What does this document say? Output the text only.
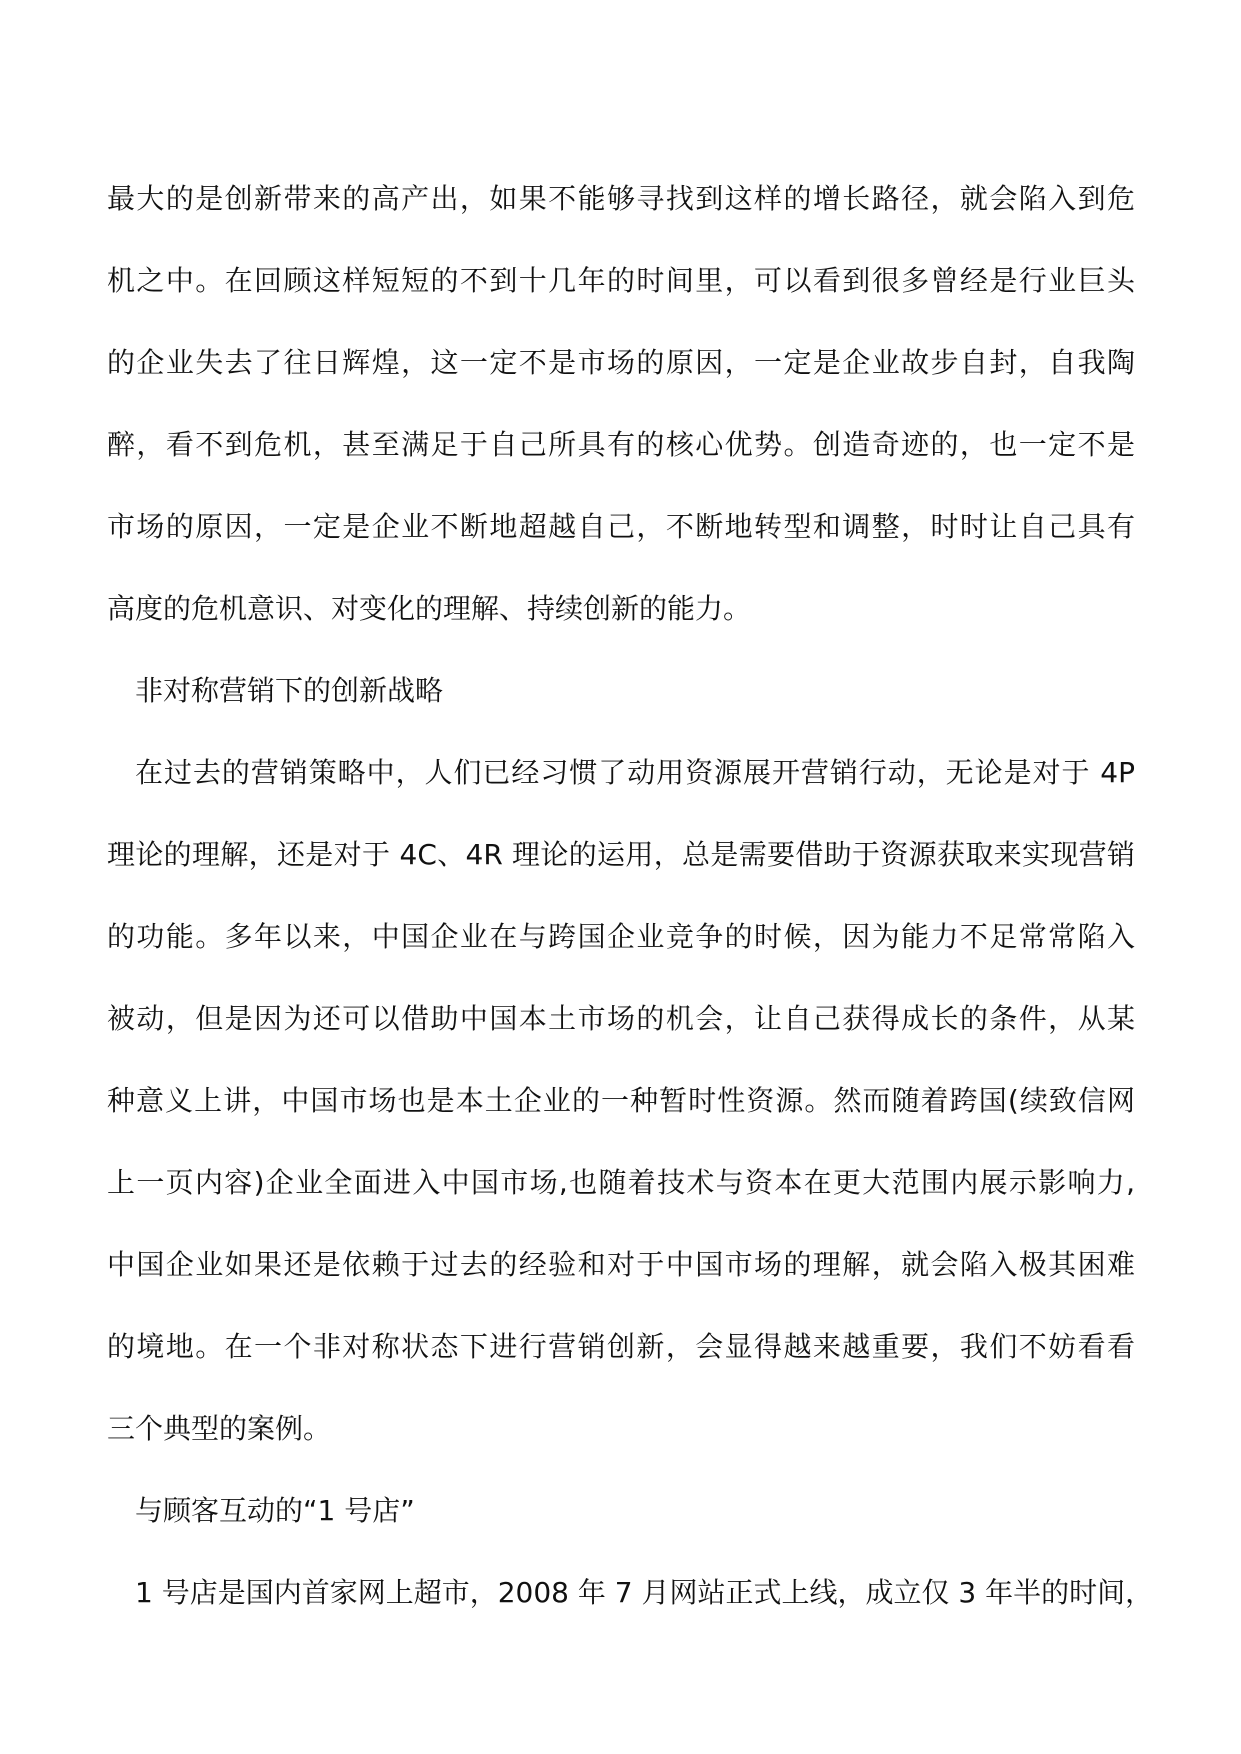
最大的是创新带来的高产出，如果不能够寻找到这样的增长路径，就会陷入到危
机之中。在回顾这样短短的不到十几年的时间里，可以看到很多曾经是行业巨头
的企业失去了往日辉煌，这一定不是市场的原因，一定是企业故步自封，自我陶
醉，看不到危机，甚至满足于自己所具有的核心优势。创造奇迹的，也一定不是
市场的原因，一定是企业不断地超越自己，不断地转型和调整，时时让自己具有
高度的危机意识、对变化的理解、持续创新的能力。
非对称营销下的创新战略
在过去的营销策略中，人们已经习惯了动用资源展开营销行动，无论是对于 4P
理论的理解，还是对于 4C、4R 理论的运用，总是需要借助于资源获取来实现营销
的功能。多年以来，中国企业在与跨国企业竞争的时候，因为能力不足常常陷入
被动，但是因为还可以借助中国本土市场的机会，让自己获得成长的条件，从某
种意义上讲，中国市场也是本土企业的一种暂时性资源。然而随着跨国(续致信网
上一页内容)企业全面进入中国市场,也随着技术与资本在更大范围内展示影响力,
中国企业如果还是依赖于过去的经验和对于中国市场的理解，就会陷入极其困难
的境地。在一个非对称状态下进行营销创新，会显得越来越重要，我们不妨看看
三个典型的案例。
与顾客互动的“1 号店”
1 号店是国内首家网上超市，2008 年 7 月网站正式上线，成立仅 3 年半的时间，
